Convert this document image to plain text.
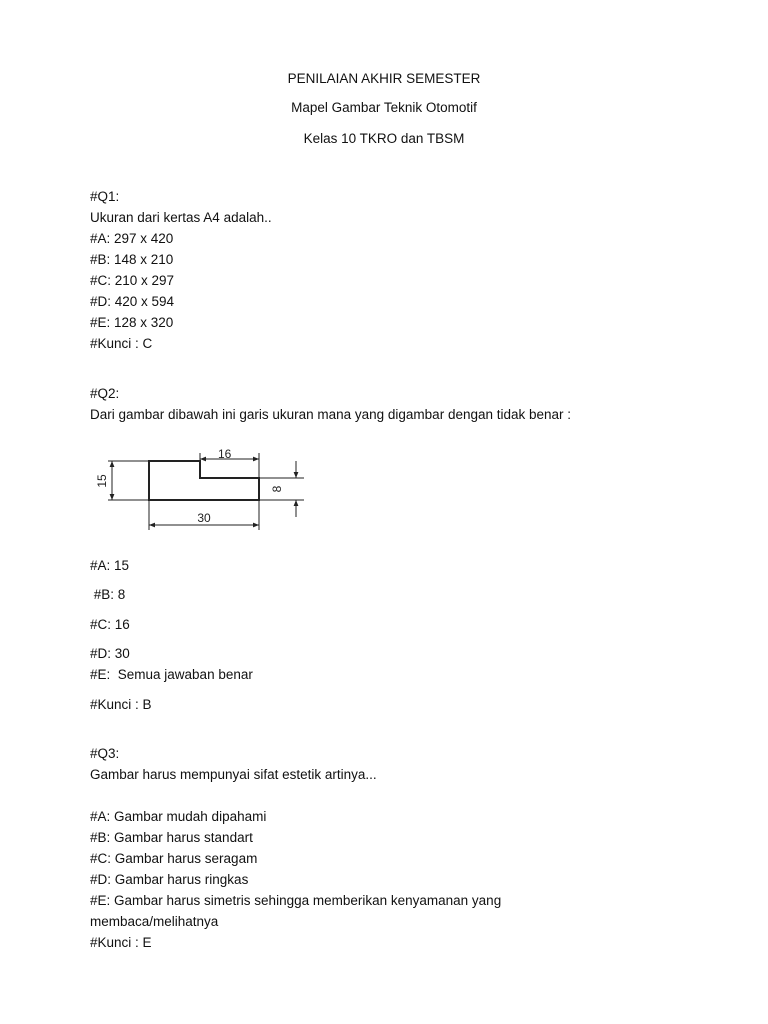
PENILAIAN AKHIR SEMESTER
Mapel Gambar Teknik Otomotif
Kelas 10 TKRO dan TBSM
#Q1:
Ukuran dari kertas A4 adalah..
#A: 297 x 420
#B: 148 x 210
#C: 210 x 297
#D: 420 x 594
#E: 128 x 320
#Kunci : C
#Q2:
Dari gambar dibawah ini garis ukuran mana yang digambar dengan tidak benar :
16
15
8
30
#A: 15
#B: 8
#C: 16
#D: 30
#E:  Semua jawaban benar
#Kunci : B
#Q3:
Gambar harus mempunyai sifat estetik artinya...
#A: Gambar mudah dipahami
#B: Gambar harus standart
#C: Gambar harus seragam
#D: Gambar harus ringkas
#E: Gambar harus simetris sehingga memberikan kenyamanan yang
membaca/melihatnya
#Kunci : E
